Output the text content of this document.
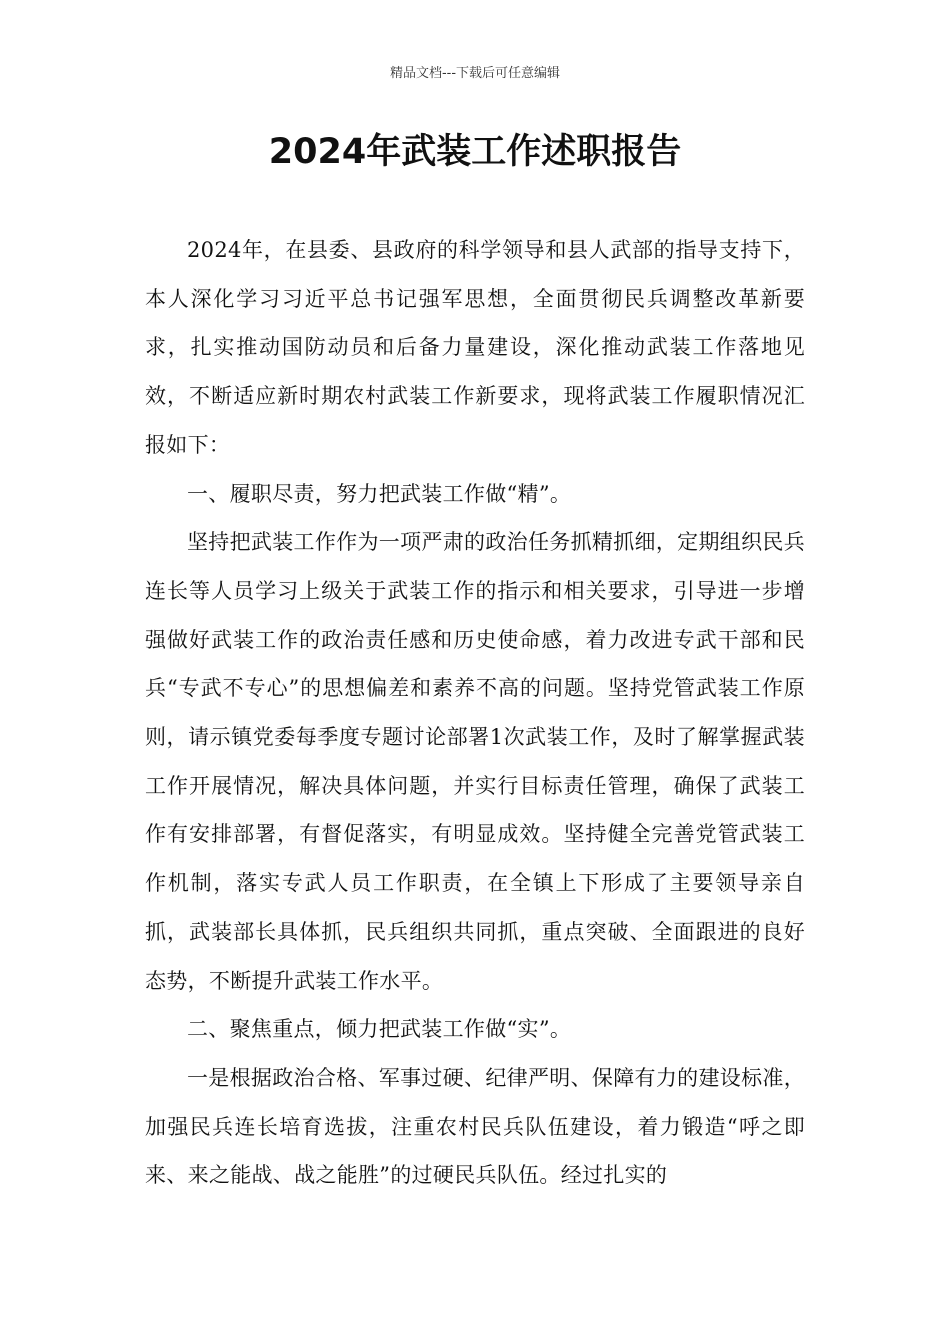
精品文档---下载后可任意编辑
2024年武装工作述职报告

2024年，在县委、县政府的科学领导和县人武部的指导支持下，本人深化学习习近平总书记强军思想，全面贯彻民兵调整改革新要求，扎实推动国防动员和后备力量建设，深化推动武装工作落地见效，不断适应新时期农村武装工作新要求，现将武装工作履职情况汇报如下：

一、履职尽责，努力把武装工作做“精”。

坚持把武装工作作为一项严肃的政治任务抓精抓细，定期组织民兵连长等人员学习上级关于武装工作的指示和相关要求，引导进一步增强做好武装工作的政治责任感和历史使命感，着力改进专武干部和民兵“专武不专心”的思想偏差和素养不高的问题。坚持党管武装工作原则，请示镇党委每季度专题讨论部署1次武装工作，及时了解掌握武装工作开展情况，解决具体问题，并实行目标责任管理，确保了武装工作有安排部署，有督促落实，有明显成效。坚持健全完善党管武装工作机制，落实专武人员工作职责，在全镇上下形成了主要领导亲自抓，武装部长具体抓，民兵组织共同抓，重点突破、全面跟进的良好态势，不断提升武装工作水平。

二、聚焦重点，倾力把武装工作做“实”。

一是根据政治合格、军事过硬、纪律严明、保障有力的建设标准，加强民兵连长培育选拔，注重农村民兵队伍建设，着力锻造“呼之即来、来之能战、战之能胜”的过硬民兵队伍。经过扎实的
